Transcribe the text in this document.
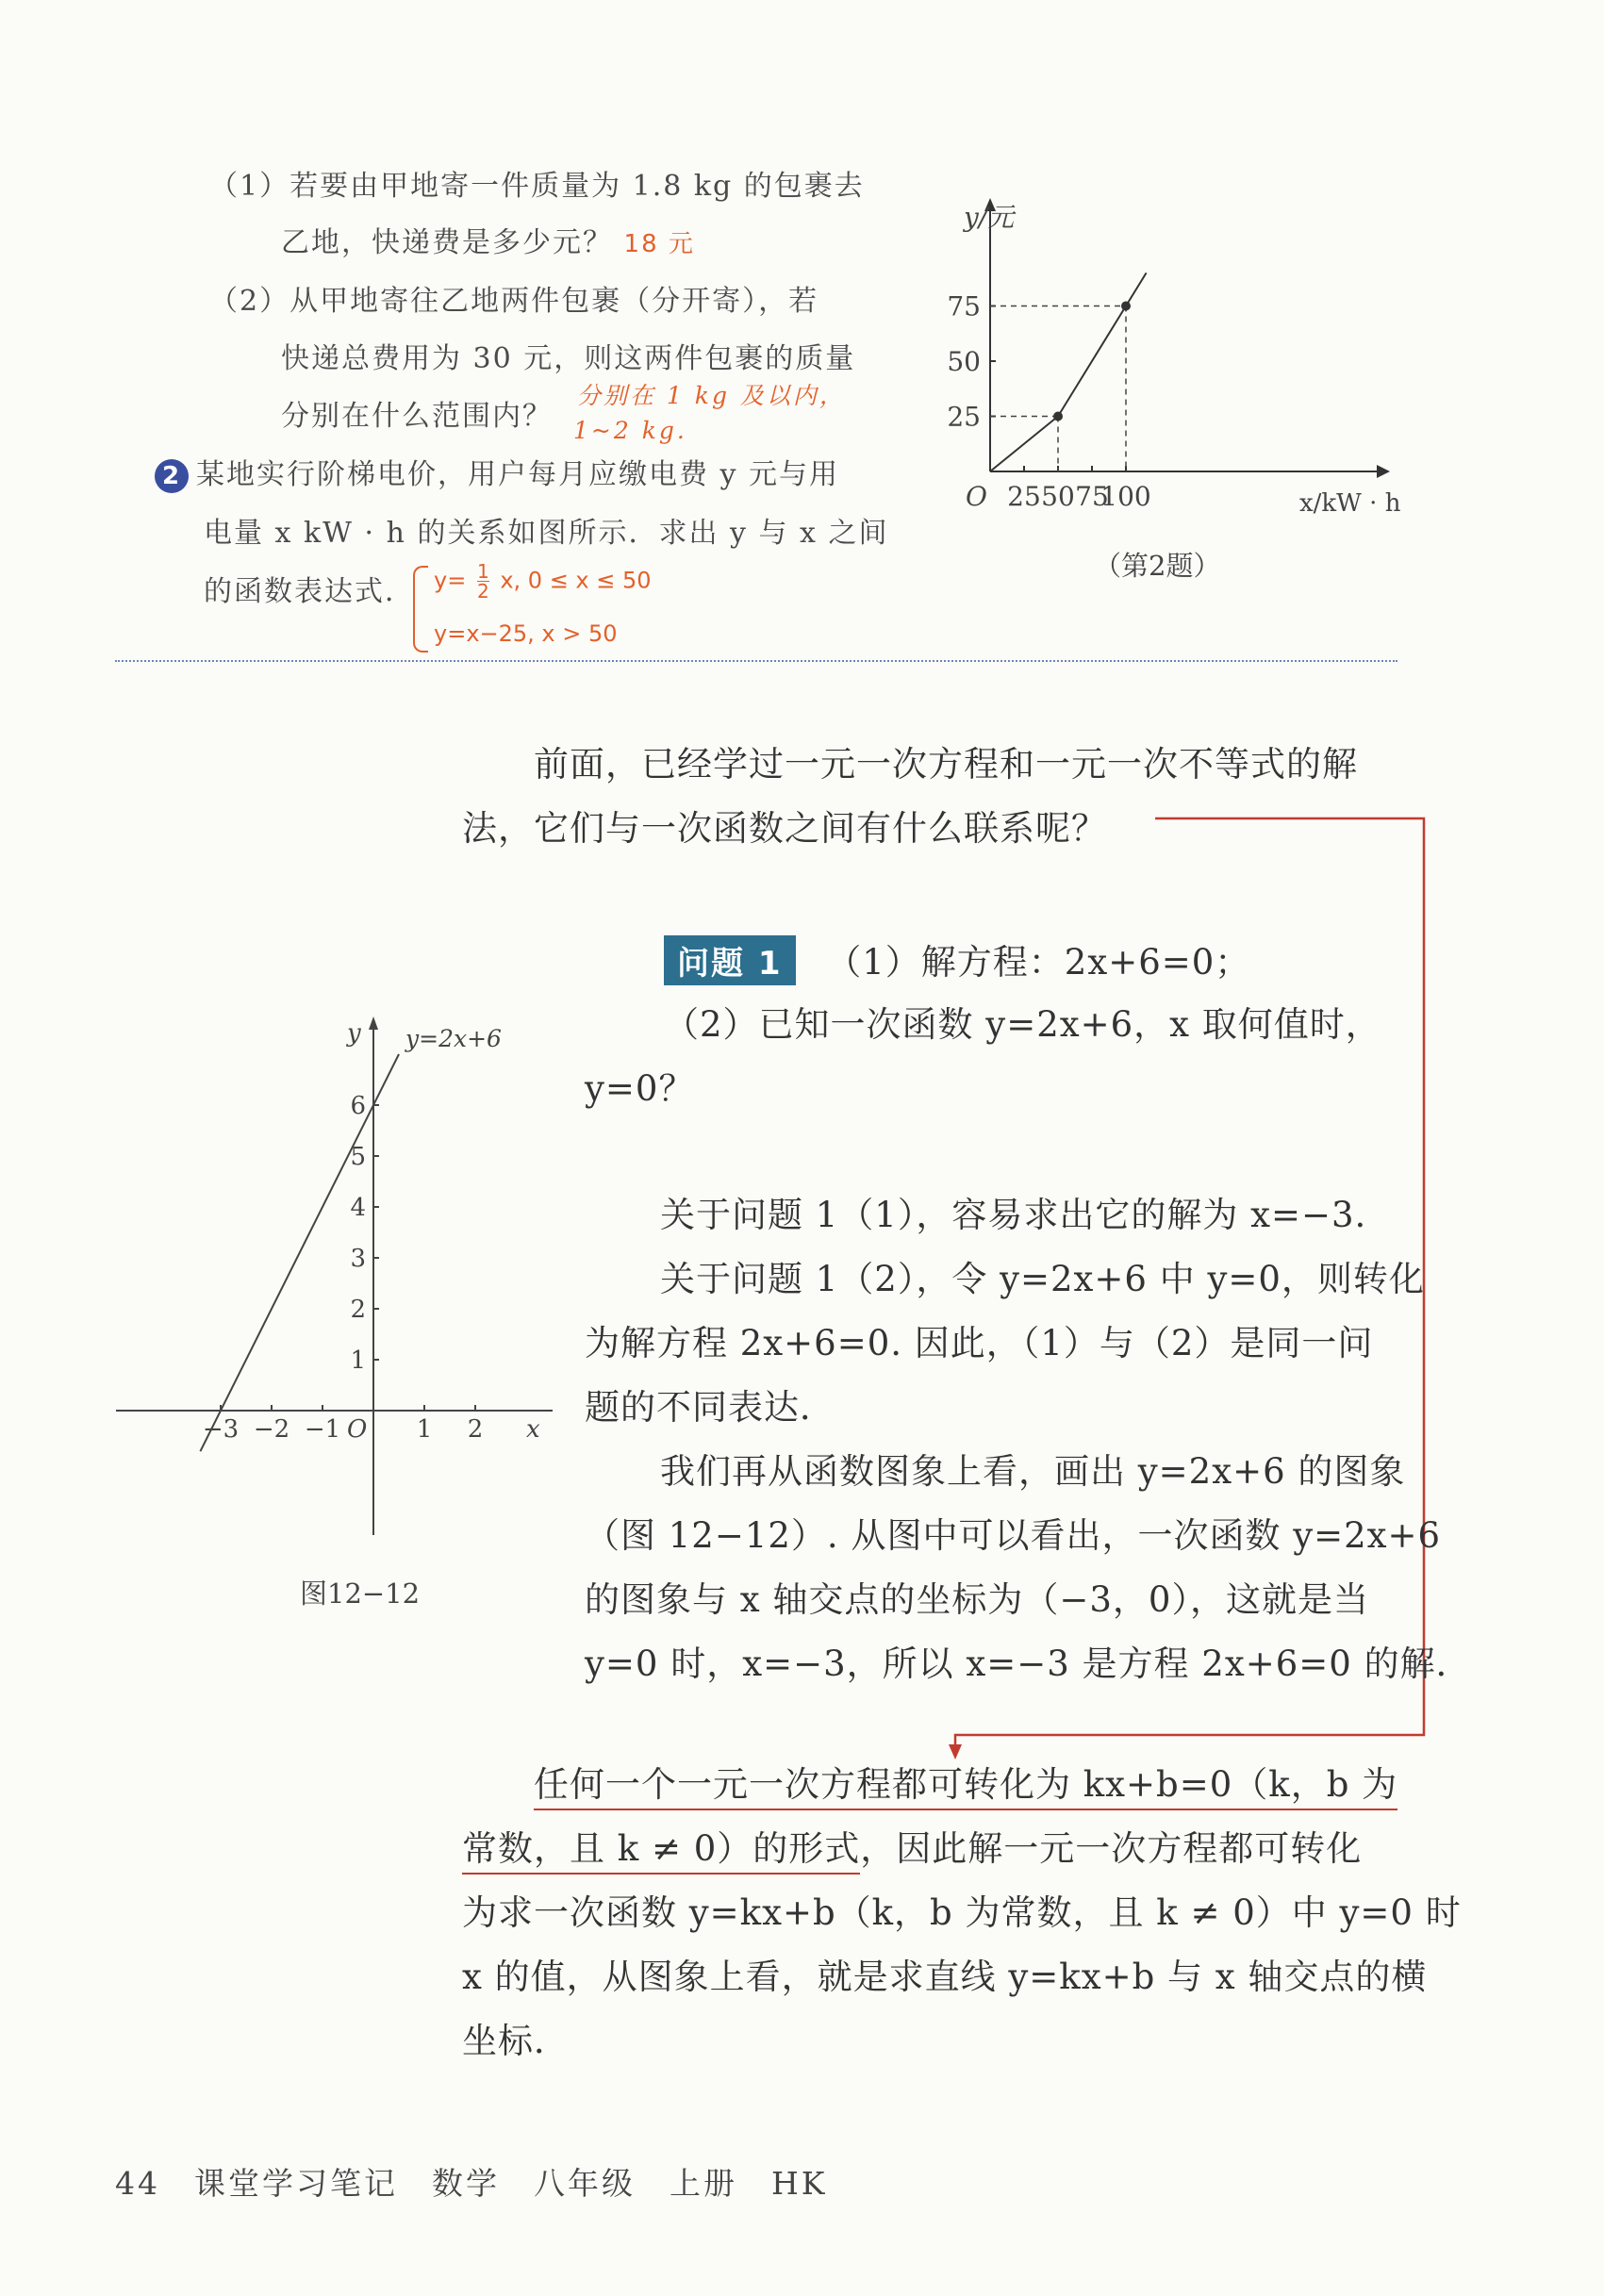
（1）若要由甲地寄一件质量为 1.8 kg 的包裹去
乙地，快递费是多少元？ 18 元
（2）从甲地寄往乙地两件包裹（分开寄），若
快递总费用为 30 元，则这两件包裹的质量
分别在什么范围内？
分别在 1 kg 及以内，
1~2 kg.
2 某地实行阶梯电价，用户每月应缴电费 y 元与用
电量 x kW · h 的关系如图所示．求出 y 与 x 之间
的函数表达式． $y= \frac{1}{2} x$, 0 ≤ x ≤ 50
y=x−25, x > 50
y/元
x/kW · h
O 25 50 75
100
25
50
75
（第2题）
前面，已经学过一元一次方程和一元一次不等式的解
法，它们与一次函数之间有什么联系呢？
问题 1 （1）解方程：2x+6=0；
（2）已知一次函数 y=2x+6，x 取何值时，
y=0？
y
x
O
y=2x+6
−3 −2 −1	1 2
1
2
3
4
5
6
图12−12
关于问题 1（1），容易求出它的解为 x=−3.
关于问题 1（2），令 y=2x+6 中 y=0，则转化
为解方程 2x+6=0. 因此，（1）与（2）是同一问
题的不同表达．
我们再从函数图象上看，画出 y=2x+6 的图象
（图 12−12）. 从图中可以看出，一次函数 y=2x+6
的图象与 x 轴交点的坐标为（−3，0），这就是当
y=0 时，x=−3，所以 x=−3 是方程 2x+6=0 的解．
任何一个一元一次方程都可转化为 kx+b=0（k，b 为
常数，且 k ≠ 0）的形式，因此解一元一次方程都可转化
为求一次函数 y=kx+b（k，b 为常数，且 k ≠ 0）中 y=0 时
x 的值，从图象上看，就是求直线 y=kx+b 与 x 轴交点的横
坐标．
44 课堂学习笔记 数学 八年级 上册 HK
